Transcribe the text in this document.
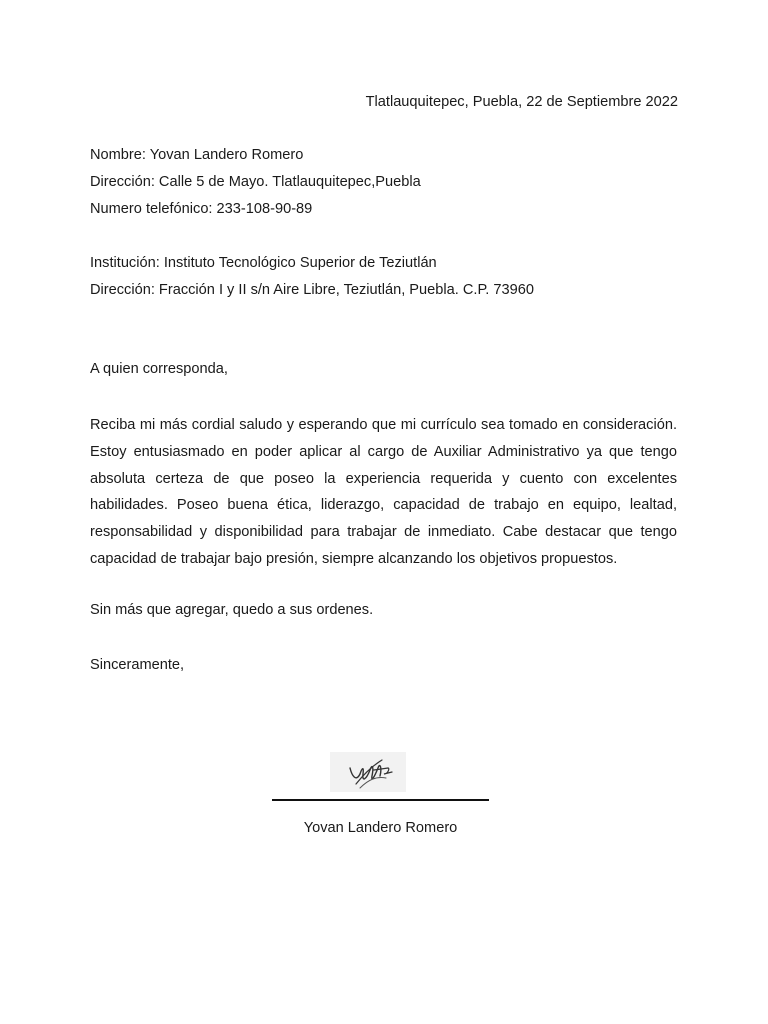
Tlatlauquitepec, Puebla, 22 de Septiembre 2022
Nombre: Yovan Landero Romero
Dirección: Calle 5 de Mayo. Tlatlauquitepec,Puebla
Numero telefónico: 233-108-90-89
Institución: Instituto Tecnológico Superior de Teziutlán
Dirección: Fracción I y II s/n Aire Libre, Teziutlán, Puebla. C.P. 73960
A quien corresponda,

Reciba mi más cordial saludo y esperando que mi currículo sea tomado en consideración. Estoy entusiasmado en poder aplicar al cargo de Auxiliar Administrativo ya que tengo absoluta certeza de que poseo la experiencia requerida y cuento con excelentes habilidades. Poseo buena ética, liderazgo, capacidad de trabajo en equipo, lealtad, responsabilidad y disponibilidad para trabajar de inmediato. Cabe destacar que tengo capacidad de trabajar bajo presión, siempre alcanzando los objetivos propuestos.

Sin más que agregar, quedo a sus ordenes.
Sinceramente,
Yovan Landero Romero
